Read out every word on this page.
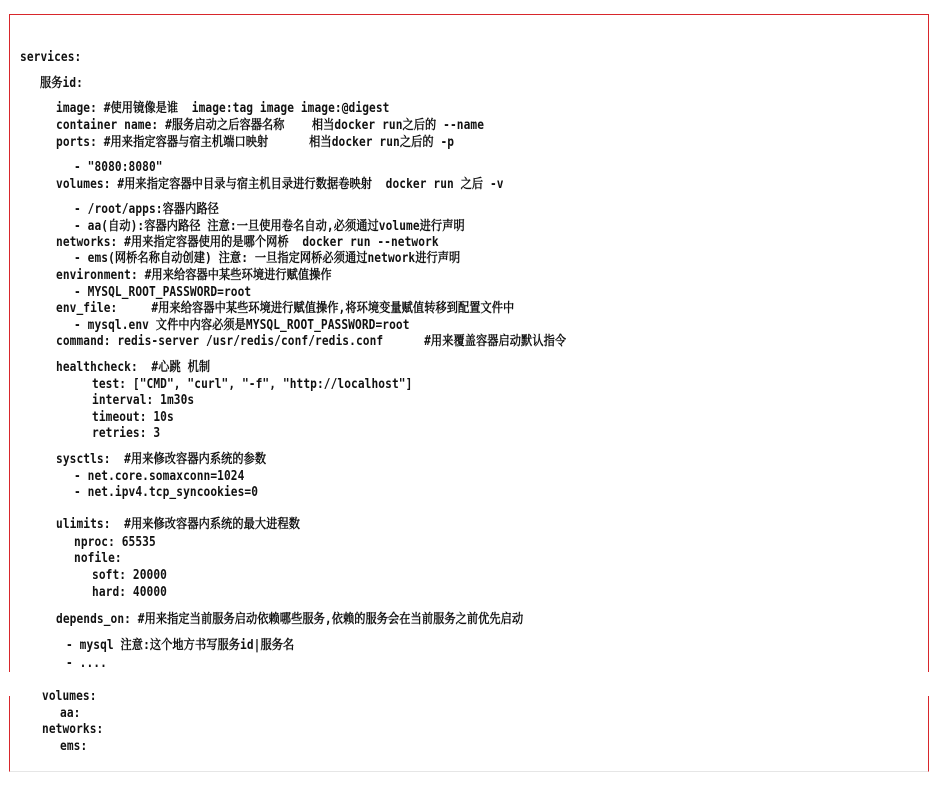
services:
服务id:
image: #使用镜像是谁  image:tag image image:@digest
container name: #服务启动之后容器名称    相当docker run之后的 --name
ports: #用来指定容器与宿主机端口映射      相当docker run之后的 -p
- "8080:8080"
volumes: #用来指定容器中目录与宿主机目录进行数据卷映射  docker run 之后 -v
- /root/apps:容器内路径
- aa(自动):容器内路径 注意:一旦使用卷名自动,必须通过volume进行声明
networks: #用来指定容器使用的是哪个网桥  docker run --network
- ems(网桥名称自动创建) 注意: 一旦指定网桥必须通过network进行声明
environment: #用来给容器中某些环境进行赋值操作
- MYSQL_ROOT_PASSWORD=root
env_file:     #用来给容器中某些环境进行赋值操作,将环境变量赋值转移到配置文件中
- mysql.env 文件中内容必须是MYSQL_ROOT_PASSWORD=root
command: redis-server /usr/redis/conf/redis.conf      #用来覆盖容器启动默认指令
healthcheck:  #心跳 机制
test: ["CMD", "curl", "-f", "http://localhost"]
interval: 1m30s
timeout: 10s
retries: 3
sysctls:  #用来修改容器内系统的参数
- net.core.somaxconn=1024
- net.ipv4.tcp_syncookies=0
ulimits:  #用来修改容器内系统的最大进程数
nproc: 65535
nofile:
soft: 20000
hard: 40000
depends_on: #用来指定当前服务启动依赖哪些服务,依赖的服务会在当前服务之前优先启动
- mysql 注意:这个地方书写服务id|服务名
- ....
volumes:
aa:
networks:
ems:
